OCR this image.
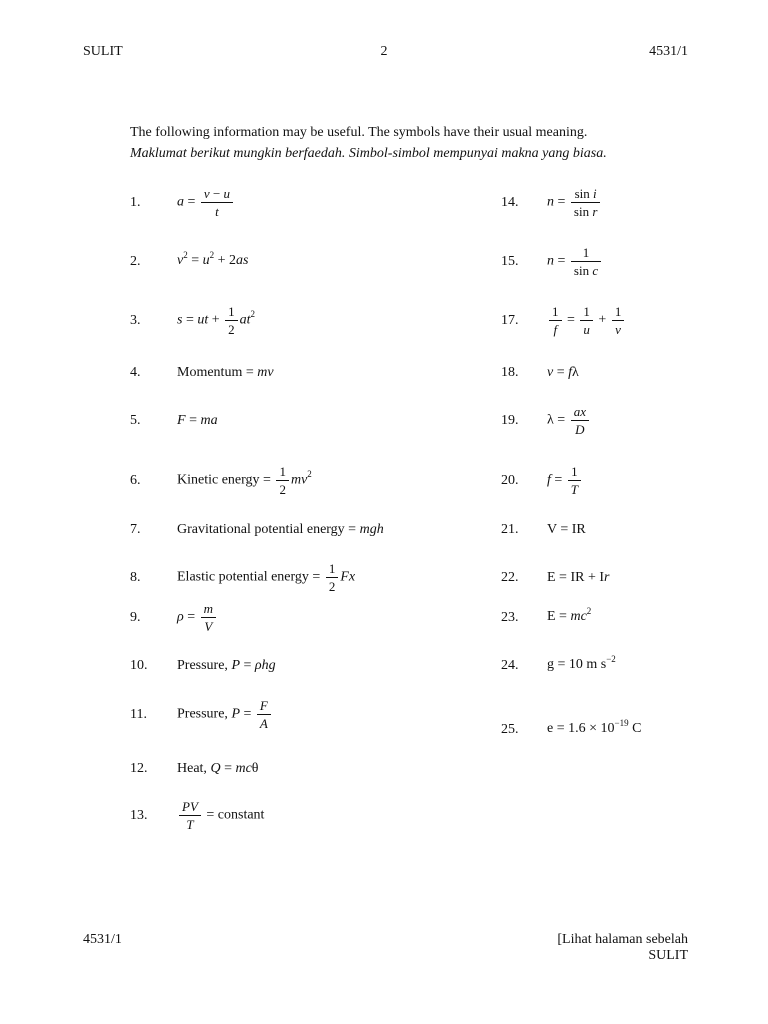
SULIT	2	4531/1
The following information may be useful. The symbols have their usual meaning.
Maklumat berikut mungkin berfaedah. Simbol-simbol mempunyai makna yang biasa.
1.	$a = \frac{v - u}{t}$
2.	$v^2 = u^2 + 2as$
3.	s = ut + $\frac{1}{2} at^2$
4.	Momentum = mv
5.	F = ma
6.	Kinetic energy = $\frac{1}{2} mv^2$
7.	Gravitational potential energy = mgh
8.	Elastic potential energy = $\frac{1}{2}$ Fx
9.	$\rho = \frac{m}{V}$
10.	Pressure, P = ρhg
11.	Pressure, $P = \frac{F}{A}$
12.	Heat, Q = mcθ
13.	$\frac{PV}{T}$ = constant
14.	$n = \frac{\text{sin i}}{\text{sin r}}$
15.	$n = \frac{1}{\text{sin c}}$
17.	$\frac{1}{f} = \frac{1}{u} + \frac{1}{v}$
18.	v = fλ
19.	$\lambda = \frac{ax}{D}$
20.	$f = \frac{1}{T}$
21.	V = IR
22.	E = IR + Ir
23.	$E = mc^2$
24.	g = 10 m $s^{-2}$
25.	$e = 1.6 \times 10^{-19}$ C
4531/1	[Lihat halaman sebelah
SULIT
